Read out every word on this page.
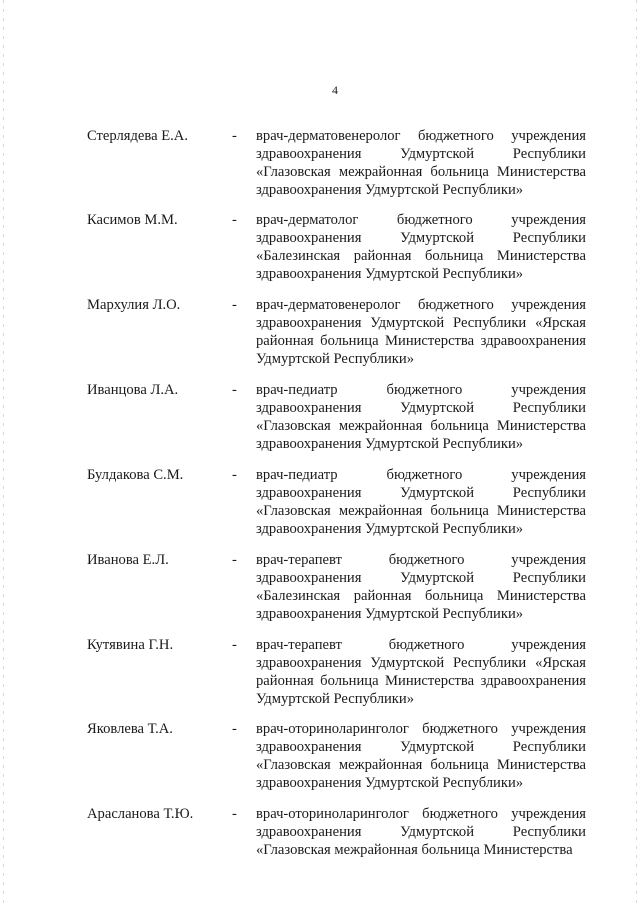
4
Стерлядева Е.А.	- врач-дерматовенеролог бюджетного учреждения здравоохранения Удмуртской Республики «Глазовская межрайонная больница Министерства здравоохранения Удмуртской Республики»
Касимов М.М.	- врач-дерматолог бюджетного учреждения здравоохранения Удмуртской Республики «Балезинская районная больница Министерства здравоохранения Удмуртской Республики»
Мархулия Л.О.	- врач-дерматовенеролог бюджетного учреждения здравоохранения Удмуртской Республики «Ярская районная больница Министерства здравоохранения Удмуртской Республики»
Иванцова Л.А.	- врач-педиатр бюджетного учреждения здравоохранения Удмуртской Республики «Глазовская межрайонная больница Министерства здравоохранения Удмуртской Республики»
Булдакова С.М.	- врач-педиатр бюджетного учреждения здравоохранения Удмуртской Республики «Глазовская межрайонная больница Министерства здравоохранения Удмуртской Республики»
Иванова Е.Л.	- врач-терапевт бюджетного учреждения здравоохранения Удмуртской Республики «Балезинская районная больница Министерства здравоохранения Удмуртской Республики»
Кутявина Г.Н.	- врач-терапевт бюджетного учреждения здравоохранения Удмуртской Республики «Ярская районная больница Министерства здравоохранения Удмуртской Республики»
Яковлева Т.А.	- врач-оториноларинголог бюджетного учреждения здравоохранения Удмуртской Республики «Глазовская межрайонная больница Министерства здравоохранения Удмуртской Республики»
Арасланова Т.Ю.	- врач-оториноларинголог бюджетного учреждения здравоохранения Удмуртской Республики «Глазовская межрайонная больница Министерства
